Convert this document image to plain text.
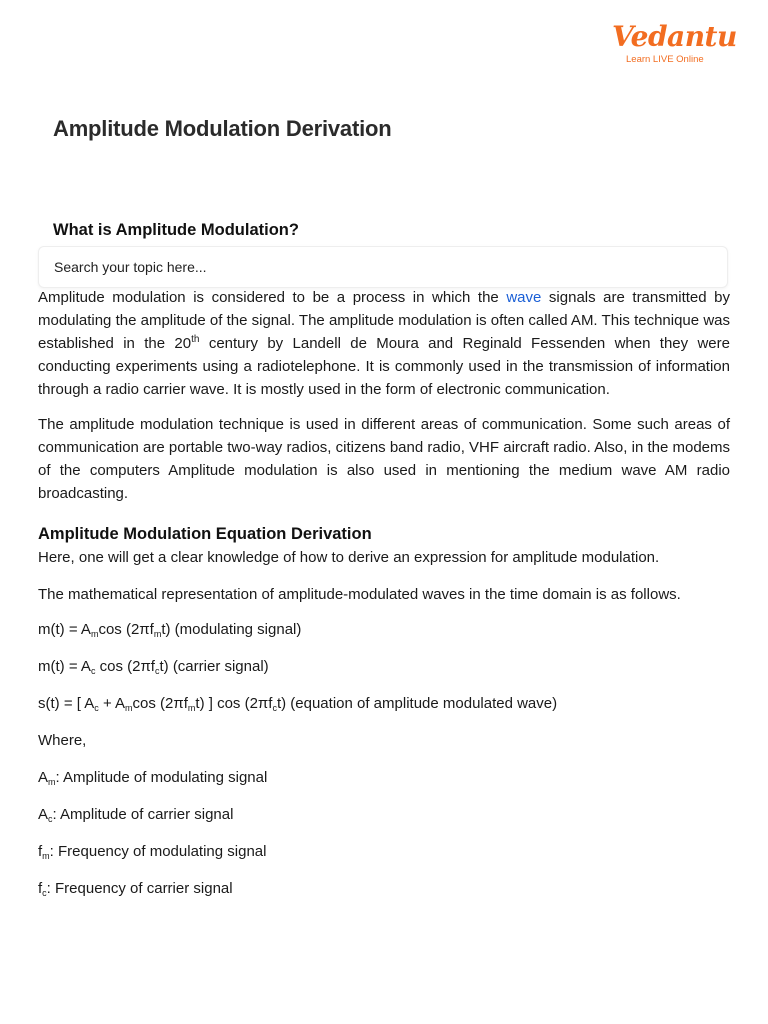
Vedantu
Learn LIVE Online
Amplitude Modulation Derivation
What is Amplitude Modulation?
Search your topic here...

Amplitude modulation is considered to be a process in which the wave signals are transmitted by modulating the amplitude of the signal. The amplitude modulation is often called AM. This technique was established in the 20th century by Landell de Moura and Reginald Fessenden when they were conducting experiments using a radiotelephone. It is commonly used in the transmission of information through a radio carrier wave. It is mostly used in the form of electronic communication.

The amplitude modulation technique is used in different areas of communication. Some such areas of communication are portable two-way radios, citizens band radio, VHF aircraft radio. Also, in the modems of the computers Amplitude modulation is also used in mentioning the medium wave AM radio broadcasting.

Amplitude Modulation Equation Derivation

Here, one will get a clear knowledge of how to derive an expression for amplitude modulation.

The mathematical representation of amplitude-modulated waves in the time domain is as follows.

$m(t) = A_m\cos$ $(2\pi f_mt)$ (modulating signal)

$m(t) = A_c$ $\cos (2\pi f_ct)$ (carrier signal)

s(t) = [ $A_c + A_m\cos$ $(2\pi f_mt)$ ] $\cos (2\pi f_ct)$ (equation of amplitude modulated wave)

Where,

$A_m$: Amplitude of modulating signal

$A_c$: Amplitude of carrier signal

$f_m$: Frequency of modulating signal

$f_c$: Frequency of carrier signal
